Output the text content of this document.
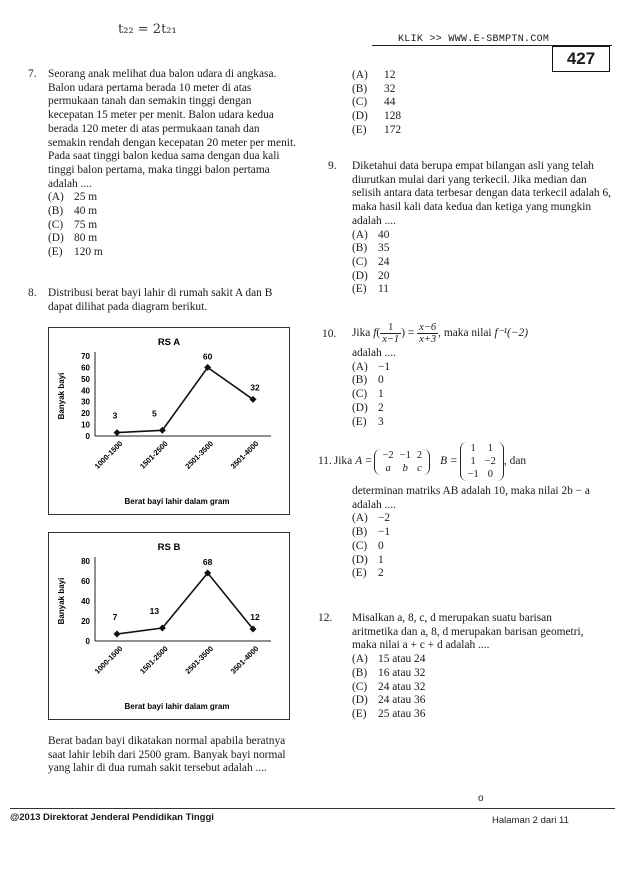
t₂₂ = 2t₂₁
KLIK >> WWW.E-SBMPTN.COM
427
7. Seorang anak melihat dua balon udara di angkasa. Balon udara pertama berada 10 meter di atas permukaan tanah dan semakin tinggi dengan kecepatan 15 meter per menit. Balon udara kedua berada 120 meter di atas permukaan tanah dan semakin rendah dengan kecepatan 20 meter per menit. Pada saat tinggi balon kedua sama dengan dua kali tinggi balon pertama, maka tinggi balon pertama adalah ....
(A) 25 m
(B) 40 m
(C) 75 m
(D) 80 m
(E)	120 m
8. Distribusi berat bayi lahir di rumah sakit A dan B dapat dilihat pada diagram berikut.
RS A
0
10
20
30
40
50
60
70
Banyak bayi	3	5
60
32
1000-1500 1501-2500 2501-3500 3501-4000
Berat bayi lahir dalam gram
RS B
0
20
40
60
80
Banyak bayi	7
13
68
12
1000-1500 1501-2500 2501-3500 3501-4000
Berat bayi lahir dalam gram
Berat badan bayi dikatakan normal apabila beratnya saat lahir lebih dari 2500 gram. Banyak bayi normal yang lahir di dua rumah sakit tersebut adalah ....
(A)	12
(B)	32
(C)	44
(D)	128
(E)	172
9. Diketahui data berupa empat bilangan asli yang telah diurutkan mulai dari yang terkecil. Jika median dan selisih antara data terbesar dengan data terkecil adalah 6, maka hasil kali data kedua dan ketiga yang mungkin adalah ....
(A) 40
(B) 35
(C) 24
(D) 20
(E)	11
10. Jika $f( \frac{1}{x-1}$ ) = $\frac{x-6}{x+3}$ , maka nilai f⁻¹(−2)
adalah ....
(A) −1
(B) 0
(C) 1
(D) 2
(E)	3
11. Jika A = −2	−1	2
a	b	c
B =
1	1
1	−2
−1	0
, dan
determinan matriks AB adalah 10, maka nilai 2b − a adalah ....
(A) −2
(B) −1
(C) 0
(D) 1
(E)	2
12. Misalkan a, 8, c, d merupakan suatu barisan aritmetika dan a, 8, d merupakan barisan geometri, maka nilai a + c + d adalah ....
(A) 15 atau 24
(B) 16 atau 32
(C) 24 atau 32
(D) 24 atau 36
(E)	25 atau 36
o
@2013 Direktorat Jenderal Pendidikan Tinggi	Halaman 2 dari 11
